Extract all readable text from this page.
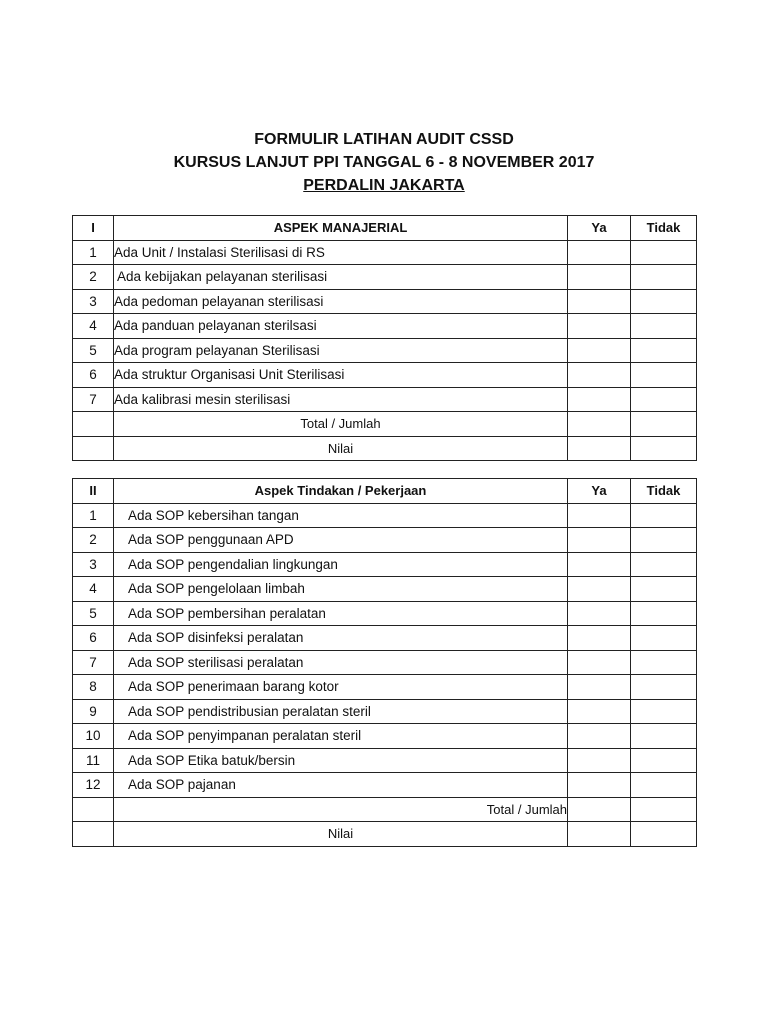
FORMULIR LATIHAN AUDIT CSSD
KURSUS LANJUT PPI TANGGAL 6 - 8 NOVEMBER 2017
PERDALIN JAKARTA
I	ASPEK MANAJERIAL	Ya	Tidak
1	Ada Unit / Instalasi Sterilisasi di RS		
2	Ada kebijakan pelayanan sterilisasi		
3	Ada pedoman pelayanan sterilisasi		
4	Ada panduan pelayanan sterilsasi		
5	Ada program pelayanan Sterilisasi		
6	Ada struktur Organisasi Unit Sterilisasi		
7	Ada kalibrasi mesin sterilisasi		
	Total / Jumlah		
	Nilai		
II	Aspek Tindakan / Pekerjaan	Ya	Tidak
1	Ada SOP kebersihan tangan		
2	Ada SOP penggunaan APD		
3	Ada SOP pengendalian lingkungan		
4	Ada SOP pengelolaan limbah		
5	Ada SOP pembersihan peralatan		
6	Ada SOP disinfeksi peralatan		
7	Ada SOP sterilisasi peralatan		
8	Ada SOP penerimaan barang kotor		
9	Ada SOP pendistribusian peralatan steril		
10	Ada SOP penyimpanan peralatan steril		
11	Ada SOP Etika batuk/bersin		
12	Ada SOP pajanan		
	Total / Jumlah		
	Nilai		
